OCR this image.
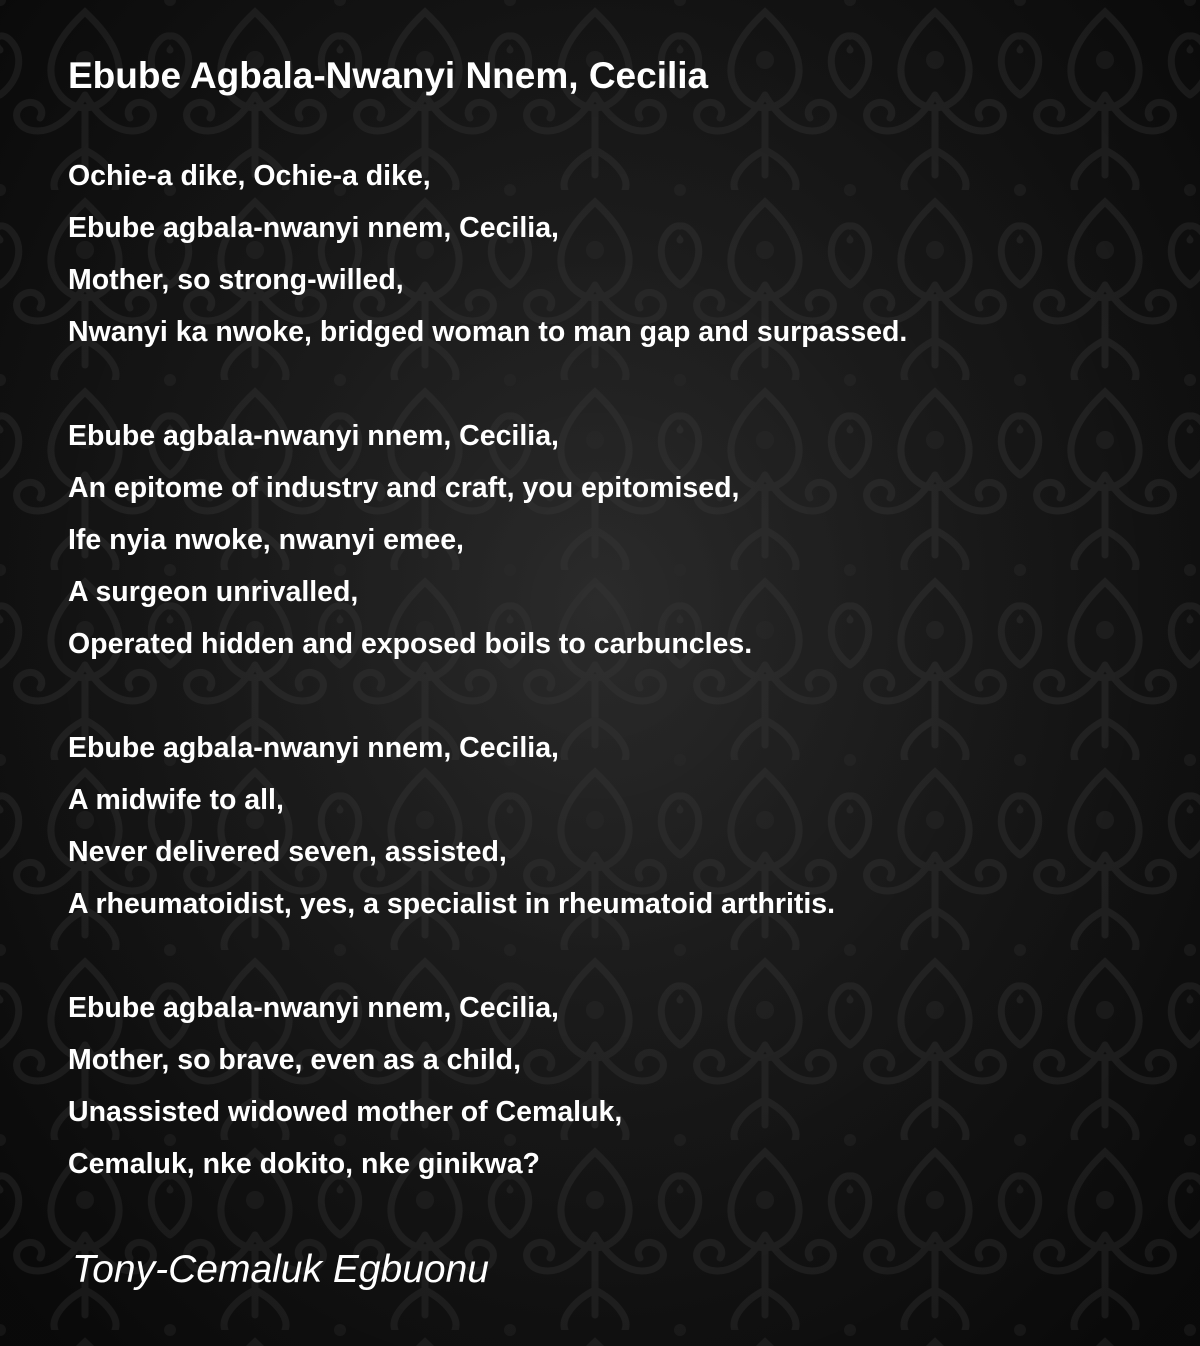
Ebube Agbala-Nwanyi Nnem, Cecilia
Ochie-a dike, Ochie-a dike,
Ebube agbala-nwanyi nnem, Cecilia,
Mother, so strong-willed,
Nwanyi ka nwoke, bridged woman to man gap and surpassed.
Ebube agbala-nwanyi nnem, Cecilia,
An epitome of industry and craft, you epitomised,
Ife nyia nwoke, nwanyi emee,
A surgeon unrivalled,
Operated hidden and exposed boils to carbuncles.
Ebube agbala-nwanyi nnem, Cecilia,
A midwife to all,
Never delivered seven, assisted,
A rheumatoidist, yes, a specialist in rheumatoid arthritis.
Ebube agbala-nwanyi nnem, Cecilia,
Mother, so brave, even as a child,
Unassisted widowed mother of Cemaluk,
Cemaluk, nke dokito, nke ginikwa?

Tony-Cemaluk Egbuonu
